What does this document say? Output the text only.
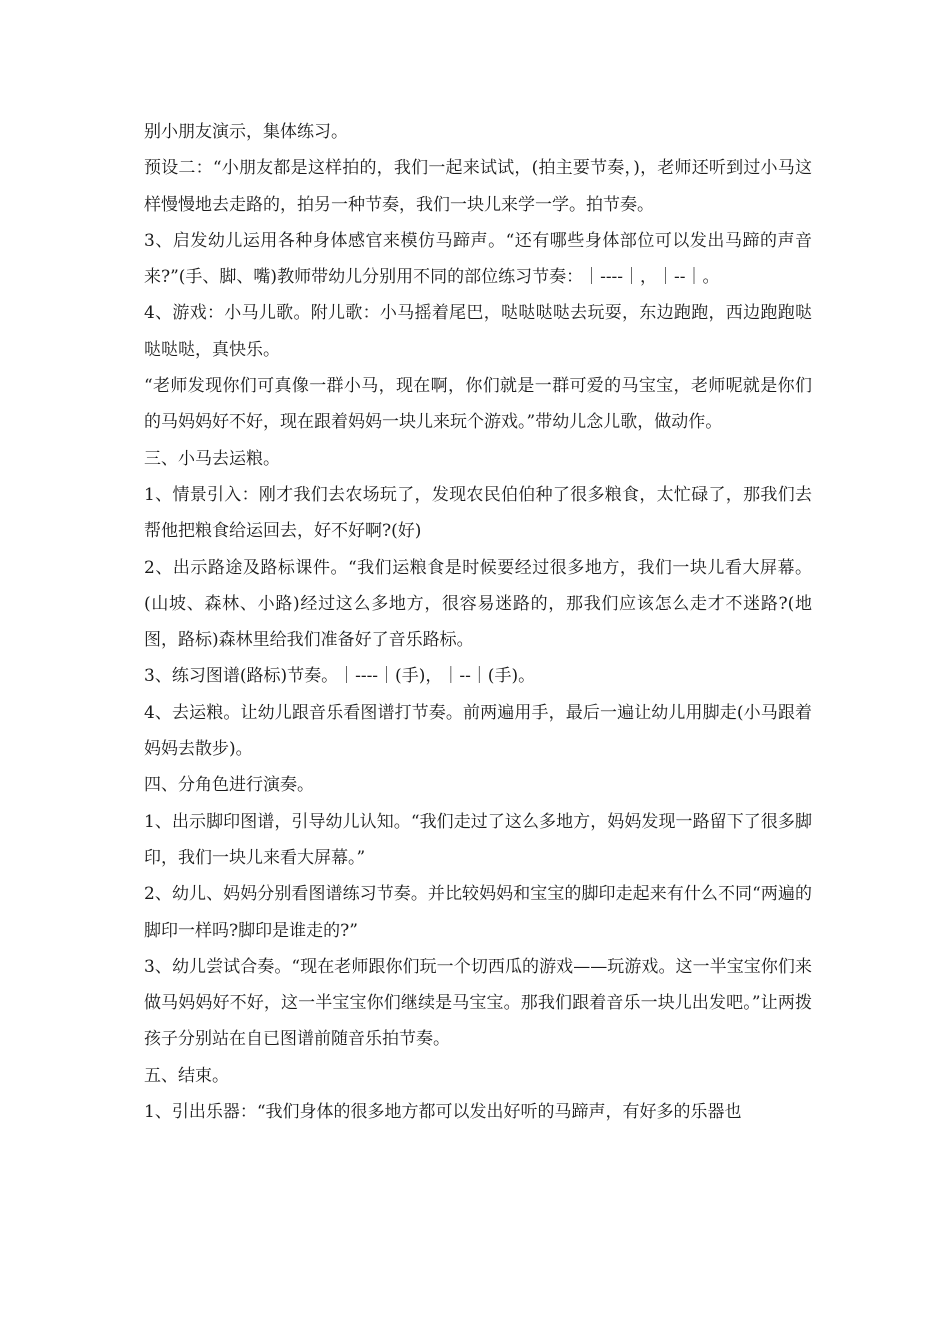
别小朋友演示，集体练习。

预设二：“小朋友都是这样拍的，我们一起来试试，(拍主要节奏，)，老师还听到过小马这样慢慢地去走路的，拍另一种节奏，我们一块儿来学一学。拍节奏。

3、启发幼儿运用各种身体感官来模仿马蹄声。“还有哪些身体部位可以发出马蹄的声音来?”(手、脚、嘴)教师带幼儿分别用不同的部位练习节奏：｜----｜，｜--｜。

4、游戏：小马儿歌。附儿歌：小马摇着尾巴，哒哒哒哒去玩耍，东边跑跑，西边跑跑哒哒哒哒，真快乐。

“老师发现你们可真像一群小马，现在啊，你们就是一群可爱的马宝宝，老师呢就是你们的马妈妈好不好，现在跟着妈妈一块儿来玩个游戏。”带幼儿念儿歌，做动作。

三、小马去运粮。

1、情景引入：刚才我们去农场玩了，发现农民伯伯种了很多粮食，太忙碌了，那我们去帮他把粮食给运回去，好不好啊?(好)

2、出示路途及路标课件。“我们运粮食是时候要经过很多地方，我们一块儿看大屏幕。(山坡、森林、小路)经过这么多地方，很容易迷路的，那我们应该怎么走才不迷路?(地图，路标)森林里给我们准备好了音乐路标。

3、练习图谱(路标)节奏。｜----｜(手)，｜--｜(手)。

4、去运粮。让幼儿跟音乐看图谱打节奏。前两遍用手，最后一遍让幼儿用脚走(小马跟着妈妈去散步)。

四、分角色进行演奏。

1、出示脚印图谱，引导幼儿认知。“我们走过了这么多地方，妈妈发现一路留下了很多脚印，我们一块儿来看大屏幕。”

2、幼儿、妈妈分别看图谱练习节奏。并比较妈妈和宝宝的脚印走起来有什么不同“两遍的脚印一样吗?脚印是谁走的?”

3、幼儿尝试合奏。“现在老师跟你们玩一个切西瓜的游戏——玩游戏。这一半宝宝你们来做马妈妈好不好，这一半宝宝你们继续是马宝宝。那我们跟着音乐一块儿出发吧。”让两拨孩子分别站在自已图谱前随音乐拍节奏。

五、结束。

1、引出乐器：“我们身体的很多地方都可以发出好听的马蹄声，有好多的乐器也
